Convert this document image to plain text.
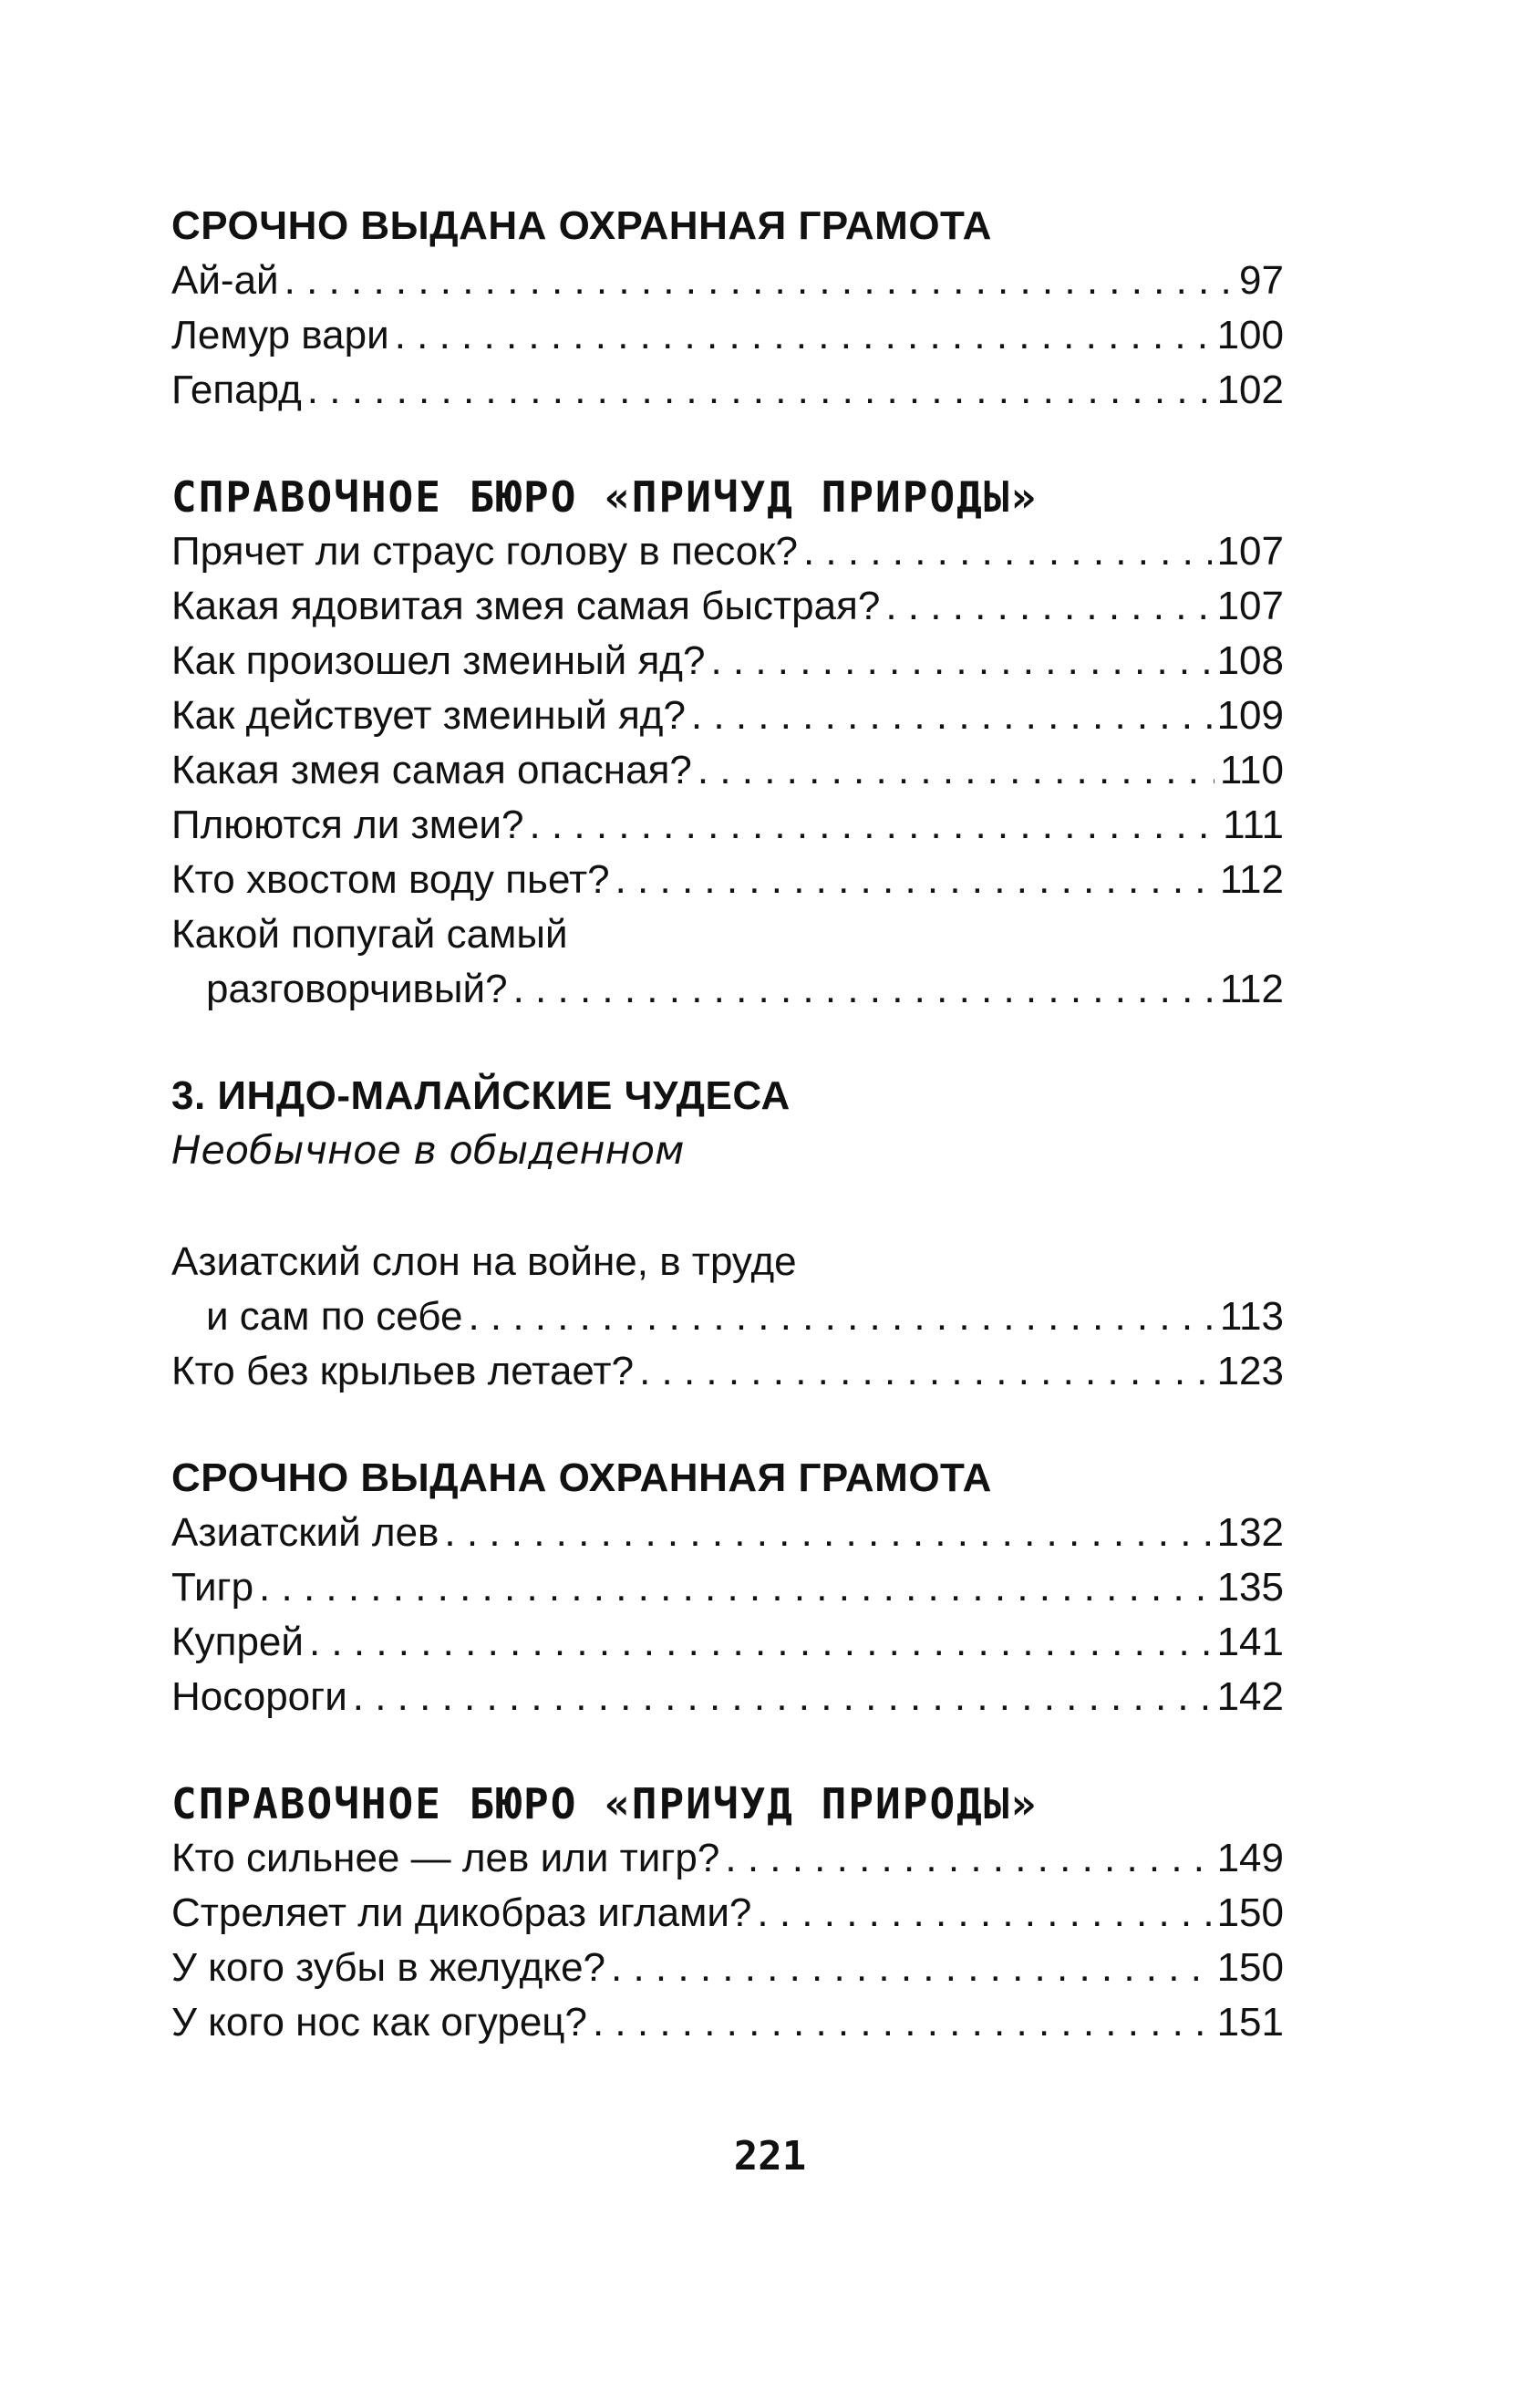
СРОЧНО ВЫДАНА ОХРАННАЯ ГРАМОТА
Ай-ай . . .	97
Лемур вари . . .	100
Гепард . . .	102
СПРАВОЧНОЕ БЮРО «ПРИЧУД ПРИРОДЫ»
Прячет ли страус голову в песок? . . .	107
Какая ядовитая змея самая быстрая? . . .	107
Как произошел змеиный яд? . . .	108
Как действует змеиный яд? . . .	109
Какая змея самая опасная? . . .	110
Плюются ли змеи? . . .	111
Кто хвостом воду пьет? . . .	112
Какой попугай самый
разговорчивый? . . .	112
3. ИНДО-МАЛАЙСКИЕ ЧУДЕСА
Необычное в обыденном
Азиатский слон на войне, в труде
и сам по себе . . .	113
Кто без крыльев летает? . . .	123
СРОЧНО ВЫДАНА ОХРАННАЯ ГРАМОТА
Азиатский лев . . .	132
Тигр . . .	135
Купрей . . .	141
Носороги . . .	142
СПРАВОЧНОЕ БЮРО «ПРИЧУД ПРИРОДЫ»
Кто сильнее — лев или тигр? . . .	149
Стреляет ли дикобраз иглами? . . .	150
У кого зубы в желудке? . . .	150
У кого нос как огурец? . . .	151
221
